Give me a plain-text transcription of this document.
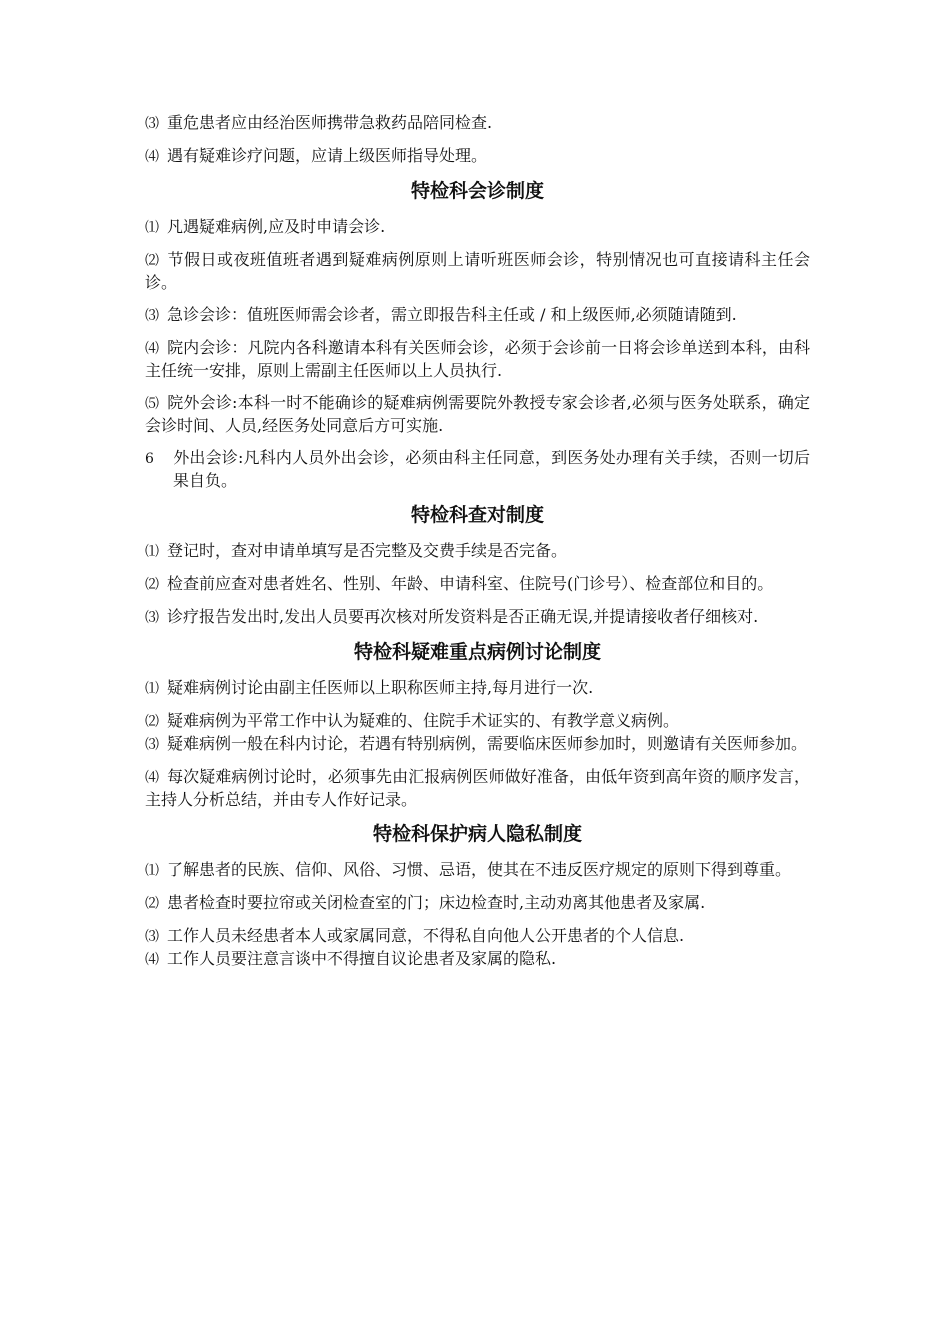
⑶ 重危患者应由经治医师携带急救药品陪同检查.

⑷ 遇有疑难诊疗问题，应请上级医师指导处理。

特检科会诊制度

⑴ 凡遇疑难病例,应及时申请会诊.

⑵ 节假日或夜班值班者遇到疑难病例原则上请听班医师会诊，特别情况也可直接请科主任会诊。

⑶ 急诊会诊：值班医师需会诊者，需立即报告科主任或 / 和上级医师,必须随请随到.

⑷ 院内会诊：凡院内各科邀请本科有关医师会诊，必须于会诊前一日将会诊单送到本科，由科主任统一安排，原则上需副主任医师以上人员执行.

⑸ 院外会诊:本科一时不能确诊的疑难病例需要院外教授专家会诊者,必须与医务处联系，确定会诊时间、人员,经医务处同意后方可实施.

6 外出会诊:凡科内人员外出会诊，必须由科主任同意，到医务处办理有关手续，否则一切后果自负。

特检科查对制度

⑴ 登记时，查对申请单填写是否完整及交费手续是否完备。

⑵ 检查前应查对患者姓名、性别、年龄、申请科室、住院号(门诊号）、检查部位和目的。

⑶ 诊疗报告发出时,发出人员要再次核对所发资料是否正确无误,并提请接收者仔细核对.

特检科疑难重点病例讨论制度

⑴ 疑难病例讨论由副主任医师以上职称医师主持,每月进行一次.

⑵ 疑难病例为平常工作中认为疑难的、住院手术证实的、有教学意义病例。

⑶ 疑难病例一般在科内讨论，若遇有特别病例，需要临床医师参加时，则邀请有关医师参加。

⑷ 每次疑难病例讨论时，必须事先由汇报病例医师做好准备，由低年资到高年资的顺序发言，主持人分析总结，并由专人作好记录。

特检科保护病人隐私制度

⑴ 了解患者的民族、信仰、风俗、习惯、忌语，使其在不违反医疗规定的原则下得到尊重。

⑵ 患者检查时要拉帘或关闭检查室的门；床边检查时,主动劝离其他患者及家属.

⑶ 工作人员未经患者本人或家属同意，不得私自向他人公开患者的个人信息.

⑷ 工作人员要注意言谈中不得擅自议论患者及家属的隐私.
